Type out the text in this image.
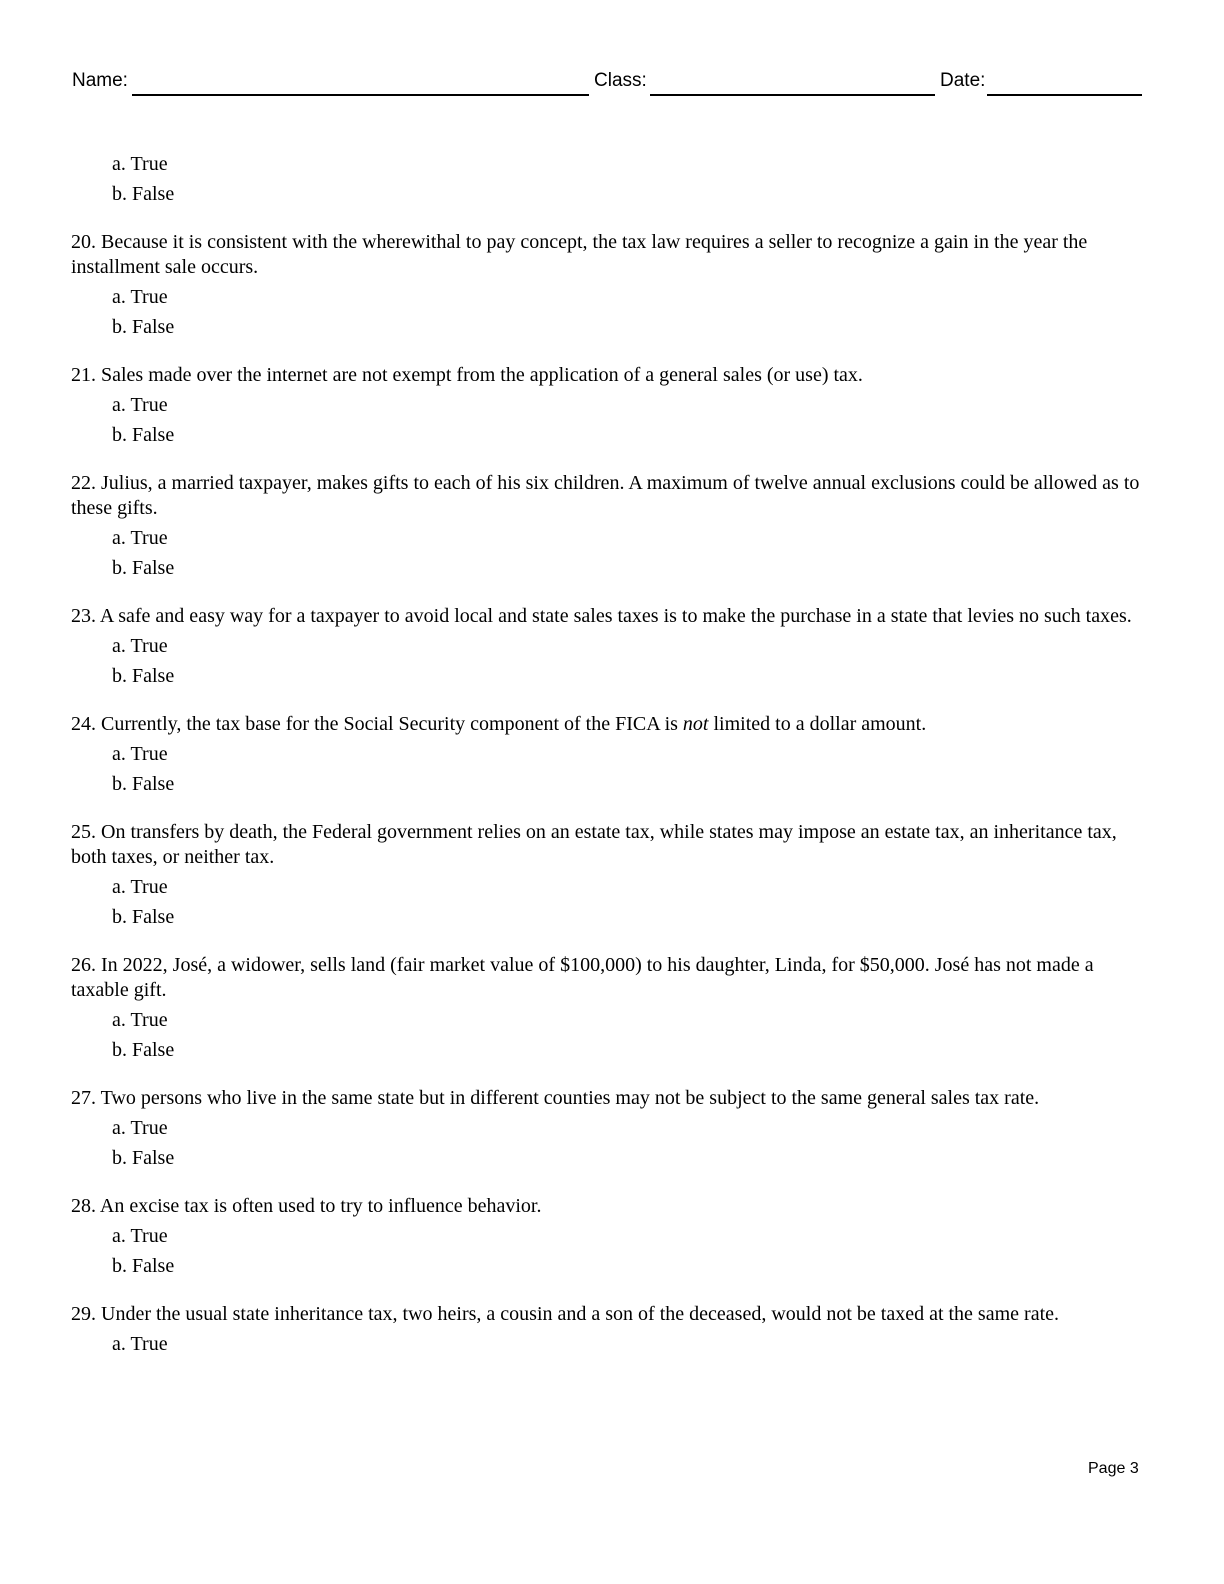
Name:	Class:	Date:
a. True
b. False

20. Because it is consistent with the wherewithal to pay concept, the tax law requires a seller to recognize a gain in the year the installment sale occurs.

a. True
b. False

21. Sales made over the internet are not exempt from the application of a general sales (or use) tax.

a. True
b. False

22. Julius, a married taxpayer, makes gifts to each of his six children. A maximum of twelve annual exclusions could be allowed as to these gifts.

a. True
b. False

23. A safe and easy way for a taxpayer to avoid local and state sales taxes is to make the purchase in a state that levies no such taxes.

a. True
b. False

24. Currently, the tax base for the Social Security component of the FICA is not limited to a dollar amount.

a. True
b. False

25. On transfers by death, the Federal government relies on an estate tax, while states may impose an estate tax, an inheritance tax, both taxes, or neither tax.

a. True
b. False

26. In 2022, José, a widower, sells land (fair market value of $100,000) to his daughter, Linda, for $50,000. José has not made a taxable gift.

a. True
b. False

27. Two persons who live in the same state but in different counties may not be subject to the same general sales tax rate.

a. True
b. False

28. An excise tax is often used to try to influence behavior.

a. True
b. False

29. Under the usual state inheritance tax, two heirs, a cousin and a son of the deceased, would not be taxed at the same rate.

a. True
Page 3
